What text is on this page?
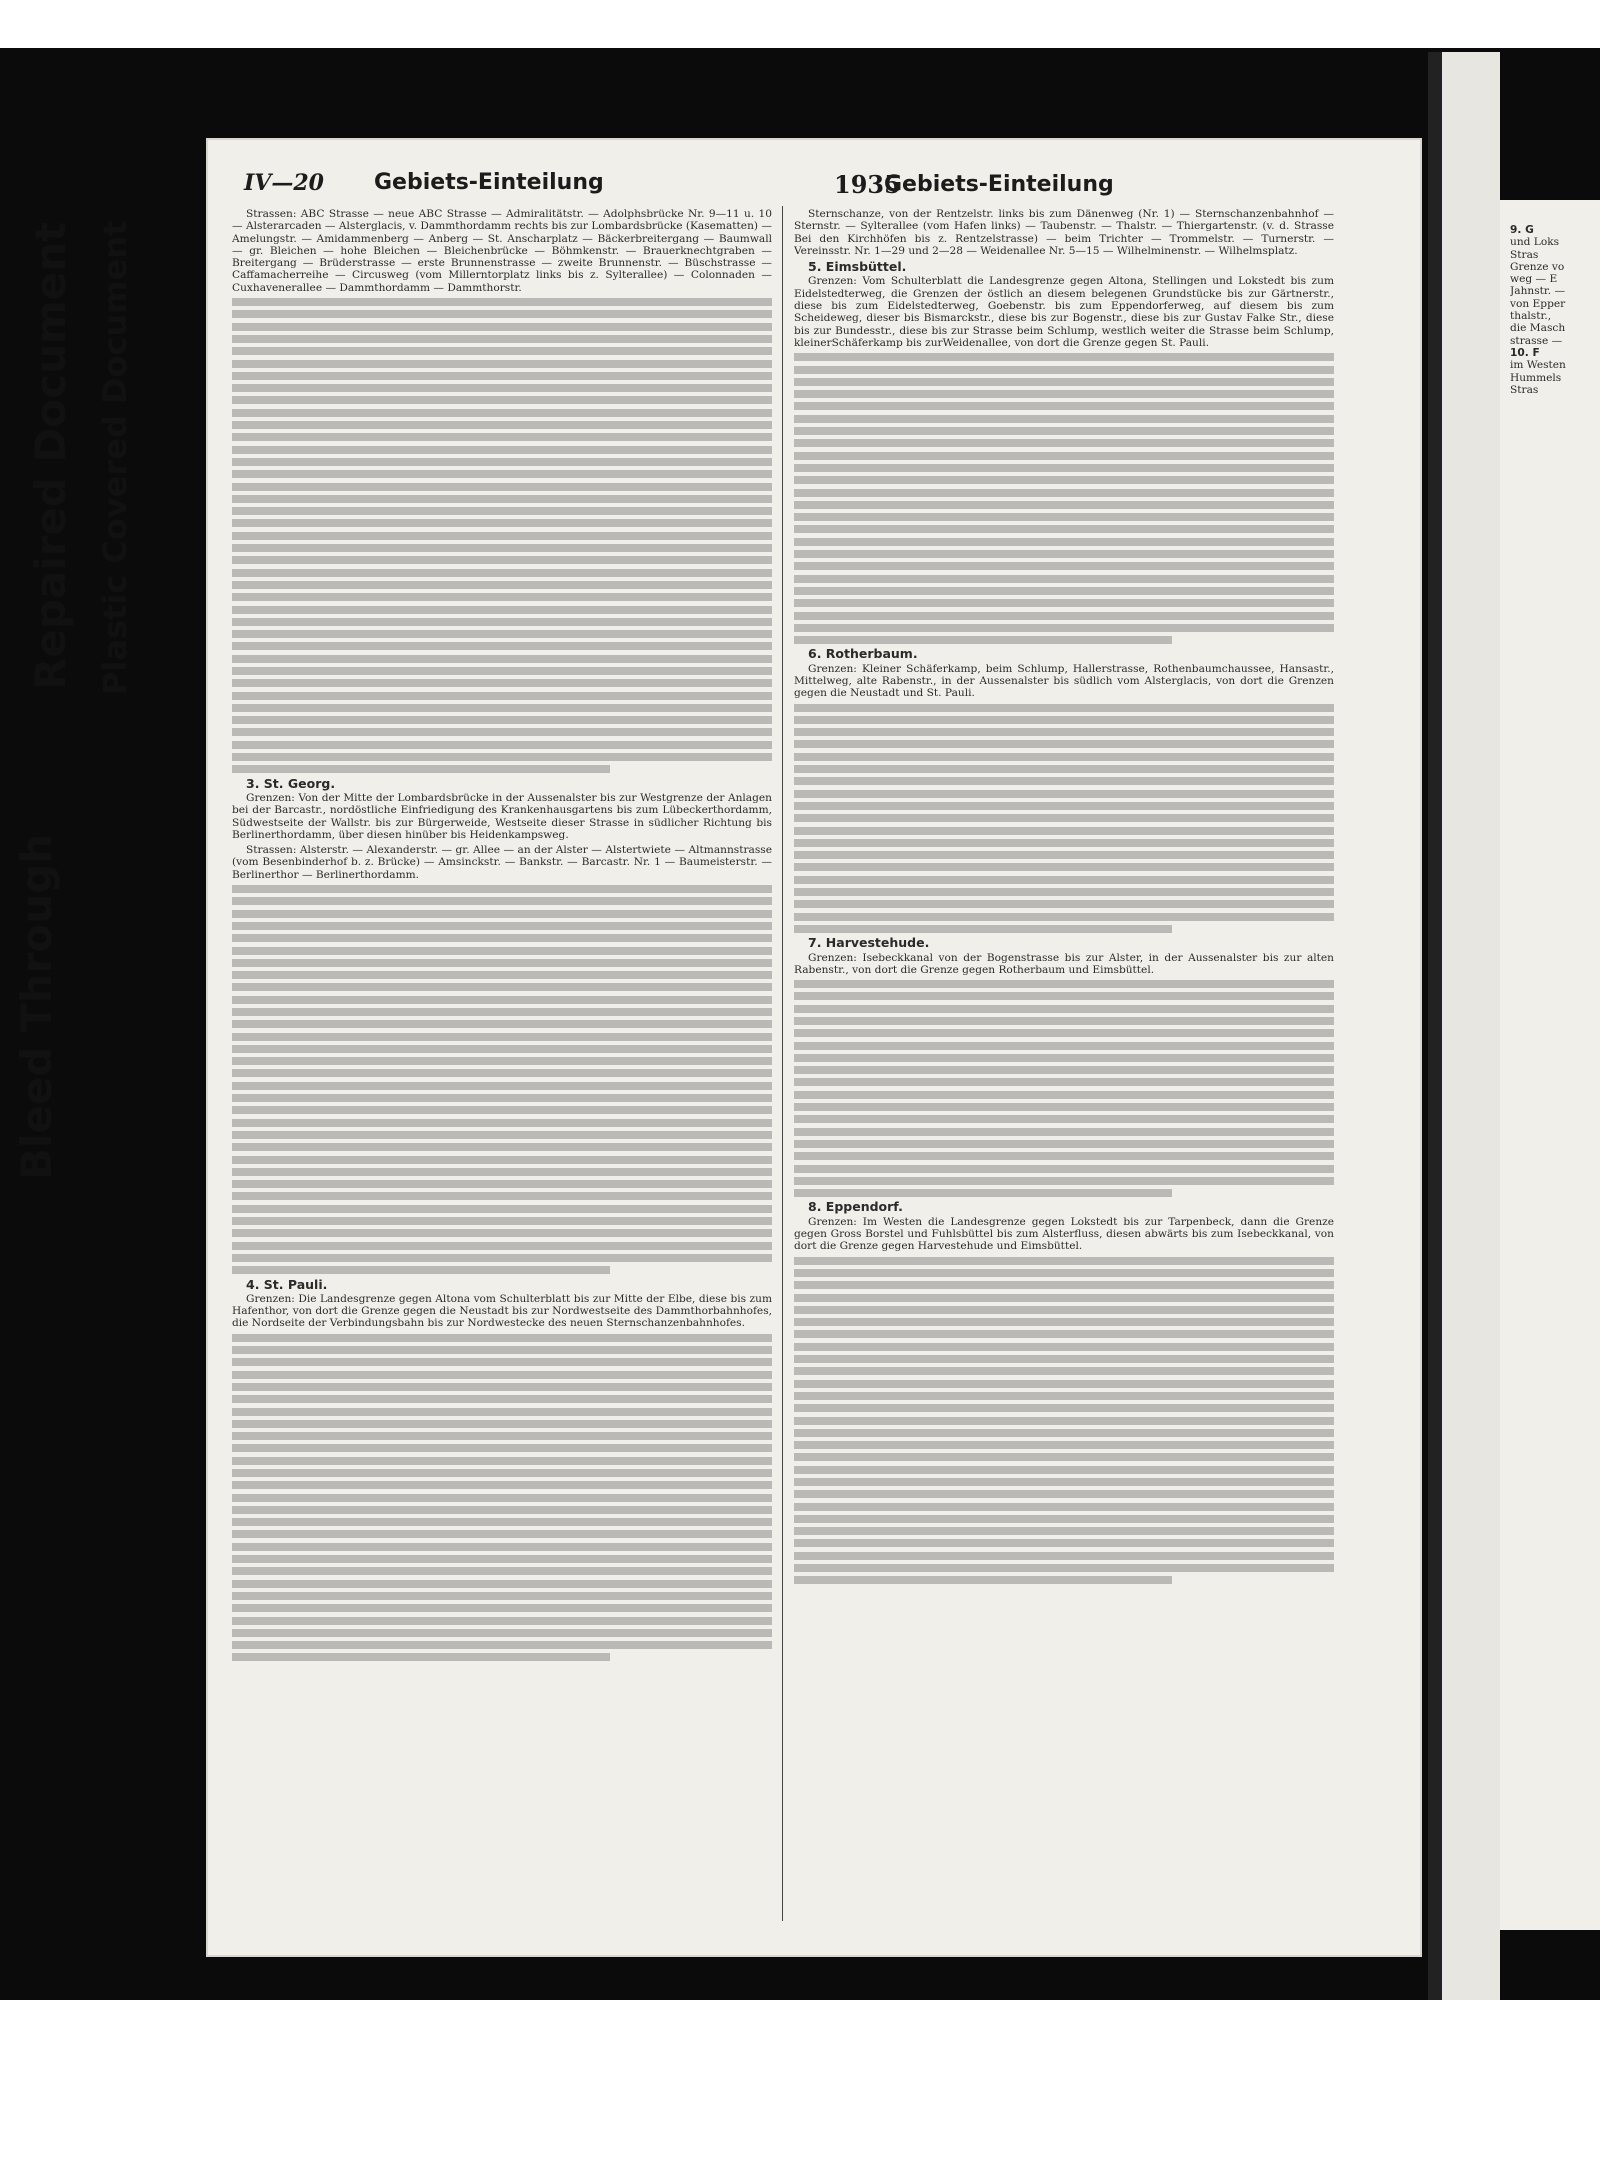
Bleed Through
Repaired Document Plastic Covered Document
IV—20 Gebiets-Einteilung	1935
Gebiets-Einteilung

Strassen: ABC Strasse — neue ABC Strasse — Admiralitätstr. — Adolphsbrücke Nr. 9—11 u. 10 — Alsterarcaden — Alsterglacis, v. Dammthordamm rechts bis zur Lombardsbrücke (Kasematten) — Amelungstr. — Amidammenberg — Anberg — St. Anscharplatz — Bäckerbreitergang — Baumwall — gr. Bleichen — hohe Bleichen — Bleichenbrücke — Böhmkenstr. — Brauerknechtgraben — Breitergang — Brüderstrasse — erste Brunnenstrasse — zweite Brunnenstr. — Büschstrasse — Caffamacherreihe — Circusweg (vom Millerntorplatz links bis z. Sylterallee) — Colonnaden — Cuxhavenerallee — Dammthordamm — Dammthorstr.

3. St. Georg.

Grenzen: Von der Mitte der Lombardsbrücke in der Aussenalster bis zur Westgrenze der Anlagen bei der Barcastr., nordöstliche Einfriedigung des Krankenhausgartens bis zum Lübeckerthordamm, Südwestseite der Wallstr. bis zur Bürgerweide, Westseite dieser Strasse in südlicher Richtung bis Berlinerthordamm, über diesen hinüber bis Heidenkampsweg.

Strassen: Alsterstr. — Alexanderstr. — gr. Allee — an der Alster — Alstertwiete — Altmannstrasse (vom Besenbinderhof b. z. Brücke) — Amsinckstr. — Bankstr. — Barcastr. Nr. 1 — Baumeisterstr. — Berlinerthor — Berlinerthordamm.

4. St. Pauli.

Grenzen: Die Landesgrenze gegen Altona vom Schulterblatt bis zur Mitte der Elbe, diese bis zum Hafenthor, von dort die Grenze gegen die Neustadt bis zur Nordwestseite des Dammthorbahnhofes, die Nordseite der Verbindungsbahn bis zur Nordwestecke des neuen Sternschanzenbahnhofes.

Sternschanze, von der Rentzelstr. links bis zum Dänenweg (Nr. 1) — Sternschanzenbahnhof — Sternstr. — Sylterallee (vom Hafen links) — Taubenstr. — Thalstr. — Thiergartenstr. (v. d. Strasse Bei den Kirchhöfen bis z. Rentzelstrasse) — beim Trichter — Trommelstr. — Turnerstr. — Vereinsstr. Nr. 1—29 und 2—28 — Weidenallee Nr. 5—15 — Wilhelminenstr. — Wilhelmsplatz.

5. Eimsbüttel.

Grenzen: Vom Schulterblatt die Landesgrenze gegen Altona, Stellingen und Lokstedt bis zum Eidelstedterweg, die Grenzen der östlich an diesem belegenen Grundstücke bis zur Gärtnerstr., diese bis zum Eidelstedterweg, Goebenstr. bis zum Eppendorferweg, auf diesem bis zum Scheideweg, dieser bis Bismarckstr., diese bis zur Bogenstr., diese bis zur Gustav Falke Str., diese bis zur Bundesstr., diese bis zur Strasse beim Schlump, westlich weiter die Strasse beim Schlump, kleinerSchäferkamp bis zurWeidenallee, von dort die Grenze gegen St. Pauli.

6. Rotherbaum.

Grenzen: Kleiner Schäferkamp, beim Schlump, Hallerstrasse, Rothenbaumchaussee, Hansastr., Mittelweg, alte Rabenstr., in der Aussenalster bis südlich vom Alsterglacis, von dort die Grenzen gegen die Neustadt und St. Pauli.

7. Harvestehude.

Grenzen: Isebeckkanal von der Bogenstrasse bis zur Alster, in der Aussenalster bis zur alten Rabenstr., von dort die Grenze gegen Rotherbaum und Eimsbüttel.

8. Eppendorf.

Grenzen: Im Westen die Landesgrenze gegen Lokstedt bis zur Tarpenbeck, dann die Grenze gegen Gross Borstel und Fuhlsbüttel bis zum Alsterfluss, diesen abwärts bis zum Isebeckkanal, von dort die Grenze gegen Harvestehude und Eimsbüttel.

9. G
und Loks
Stras
Grenze vo
weg — E
Jahnstr. —
von Epper
thalstr.,
die Masch
strasse —
10. F
im Westen
Hummels
Stras
